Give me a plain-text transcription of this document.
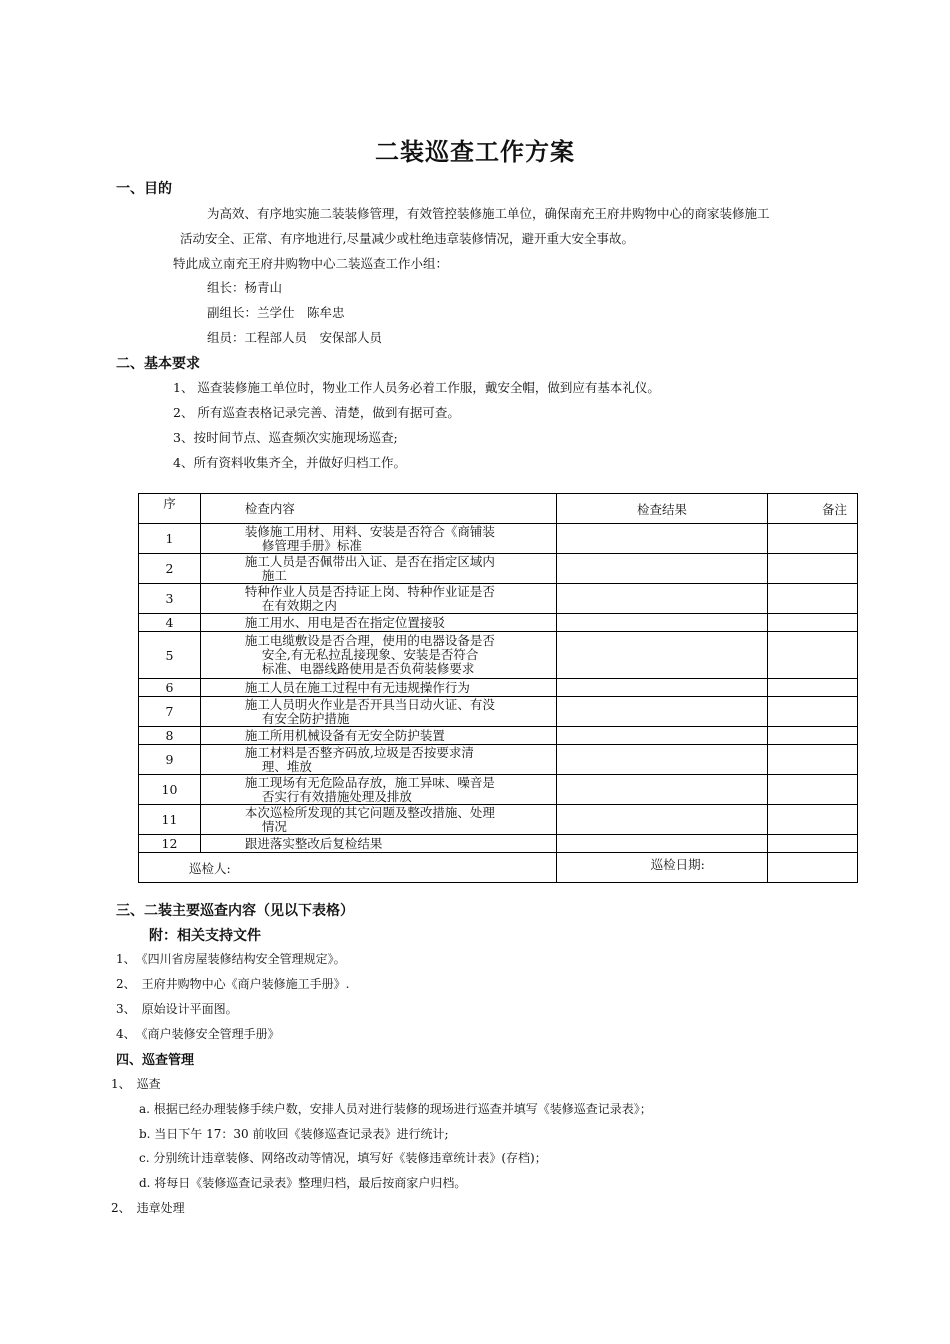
二装巡查工作方案
一、目的
为高效、有序地实施二装装修管理，有效管控装修施工单位，确保南充王府井购物中心的商家装修施工
活动安全、正常、有序地进行,尽量减少或杜绝违章装修情况，避开重大安全事故。
特此成立南充王府井购物中心二装巡查工作小组：
组长：杨青山
副组长：兰学仕　陈牟忠
组员：工程部人员　安保部人员
二、基本要求
1、 巡查装修施工单位时，物业工作人员务必着工作服，戴安全帽，做到应有基本礼仪。
2、 所有巡查表格记录完善、清楚，做到有据可查。
3、按时间节点、巡查频次实施现场巡查;
4、所有资料收集齐全，并做好归档工作。
序	检查内容	检查结果	备注
1	装修施工用材、用料、安装是否符合《商铺装
修管理手册》标准		

2	施工人员是否佩带出入证、是否在指定区域内
施工		

3	特种作业人员是否持证上岗、特种作业证是否
在有效期之内		

4	施工用水、用电是否在指定位置接驳		
5	施工电缆敷设是否合理，使用的电器设备是否
安全,有无私拉乱接现象、安装是否符合
标准、电器线路使用是否负荷装修要求		

6	施工人员在施工过程中有无违规操作行为		
7	施工人员明火作业是否开具当日动火证、有没
有安全防护措施		

8	施工所用机械设备有无安全防护装置		
9	施工材料是否整齐码放,垃圾是否按要求清
理、堆放		

10	施工现场有无危险品存放，施工异味、噪音是
否实行有效措施处理及排放		

11	本次巡检所发现的其它问题及整改措施、处理
情况		

12	跟进落实整改后复检结果		
巡检人:		巡检日期:	
三、二装主要巡查内容（见以下表格）
附：相关支持文件
1、　《四川省房屋装修结构安全管理规定》。
2、　王府井购物中心《商户装修施工手册》.
3、　原始设计平面图。
4、　《商户装修安全管理手册》
四、巡查管理
1、　巡查
a. 根据已经办理装修手续户数，安排人员对进行装修的现场进行巡查并填写《装修巡查记录表》；
b. 当日下午 17：30 前收回《装修巡查记录表》进行统计;
c. 分别统计违章装修、网络改动等情况，填写好《装修违章统计表》(存档)；
d. 将每日《装修巡查记录表》整理归档，最后按商家户归档。
2、　违章处理
